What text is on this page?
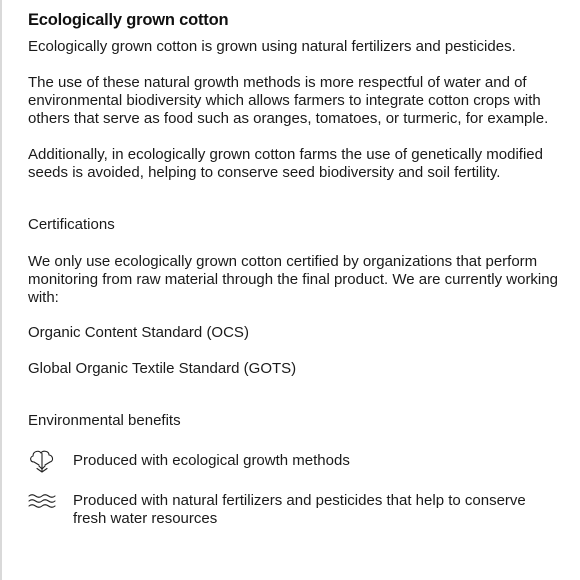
Ecologically grown cotton

Ecologically grown cotton is grown using natural fertilizers and pesticides.

The use of these natural growth methods is more respectful of water and of environmental biodiversity which allows farmers to integrate cotton crops with others that serve as food such as oranges, tomatoes, or turmeric, for example.

Additionally, in ecologically grown cotton farms the use of genetically modified seeds is avoided, helping to conserve seed biodiversity and soil fertility.

Certifications

We only use ecologically grown cotton certified by organizations that perform monitoring from raw material through the final product. We are currently working with:

Organic Content Standard (OCS)

Global Organic Textile Standard (GOTS)

Environmental benefits

Produced with ecological growth methods

Produced with natural fertilizers and pesticides that help to conserve fresh water resources
